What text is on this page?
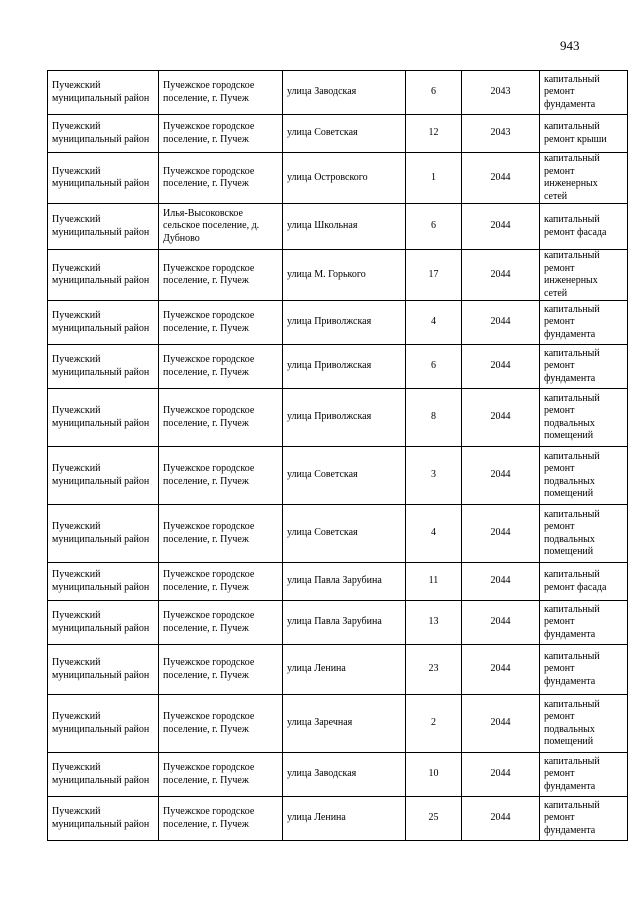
943
Пучежский муниципальный район	Пучежское городское поселение, г. Пучеж	улица Заводская	6	2043	капитальный ремонт фундамента
Пучежский муниципальный район	Пучежское городское поселение, г. Пучеж	улица Советская	12	2043	капитальный ремонт крыши
Пучежский муниципальный район	Пучежское городское поселение, г. Пучеж	улица Островского	1	2044	капитальный ремонт инженерных сетей
Пучежский муниципальный район	Илья-Высоковское сельское поселение, д. Дубново	улица Школьная	6	2044	капитальный ремонт фасада
Пучежский муниципальный район	Пучежское городское поселение, г. Пучеж	улица М. Горького	17	2044	капитальный ремонт инженерных сетей
Пучежский муниципальный район	Пучежское городское поселение, г. Пучеж	улица Приволжская	4	2044	капитальный ремонт фундамента
Пучежский муниципальный район	Пучежское городское поселение, г. Пучеж	улица Приволжская	6	2044	капитальный ремонт фундамента
Пучежский муниципальный район	Пучежское городское поселение, г. Пучеж	улица Приволжская	8	2044	капитальный ремонт подвальных помещений
Пучежский муниципальный район	Пучежское городское поселение, г. Пучеж	улица Советская	3	2044	капитальный ремонт подвальных помещений
Пучежский муниципальный район	Пучежское городское поселение, г. Пучеж	улица Советская	4	2044	капитальный ремонт подвальных помещений
Пучежский муниципальный район	Пучежское городское поселение, г. Пучеж	улица Павла Зарубина	11	2044	капитальный ремонт фасада
Пучежский муниципальный район	Пучежское городское поселение, г. Пучеж	улица Павла Зарубина	13	2044	капитальный ремонт фундамента
Пучежский муниципальный район	Пучежское городское поселение, г. Пучеж	улица Ленина	23	2044	капитальный ремонт фундамента
Пучежский муниципальный район	Пучежское городское поселение, г. Пучеж	улица Заречная	2	2044	капитальный ремонт подвальных помещений
Пучежский муниципальный район	Пучежское городское поселение, г. Пучеж	улица Заводская	10	2044	капитальный ремонт фундамента
Пучежский муниципальный район	Пучежское городское поселение, г. Пучеж	улица Ленина	25	2044	капитальный ремонт фундамента
